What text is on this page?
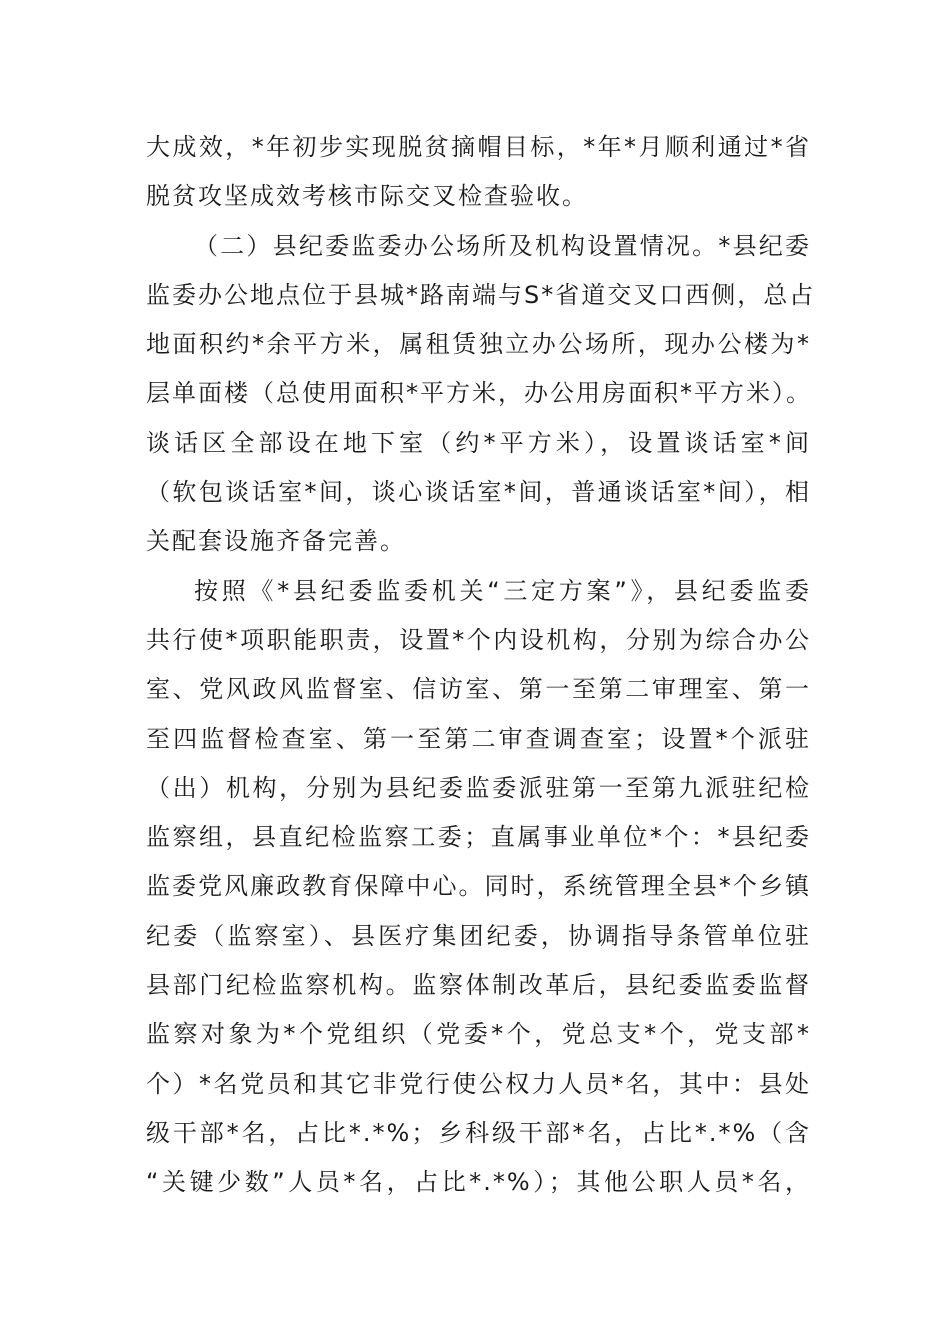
大成效，*年初步实现脱贫摘帽目标，*年*月顺利通过*省
脱贫攻坚成效考核市际交叉检查验收。
（二）县纪委监委办公场所及机构设置情况。*县纪委
监委办公地点位于县城*路南端与S*省道交叉口西侧，总占
地面积约*余平方米，属租赁独立办公场所，现办公楼为*
层单面楼（总使用面积*平方米，办公用房面积*平方米）。
谈话区全部设在地下室（约*平方米），设置谈话室*间
（软包谈话室*间，谈心谈话室*间，普通谈话室*间），相
关配套设施齐备完善。
按照《*县纪委监委机关“三定方案”》，县纪委监委
共行使*项职能职责，设置*个内设机构，分别为综合办公
室、党风政风监督室、信访室、第一至第二审理室、第一
至四监督检查室、第一至第二审查调查室；设置*个派驻
（出）机构，分别为县纪委监委派驻第一至第九派驻纪检
监察组，县直纪检监察工委；直属事业单位*个：*县纪委
监委党风廉政教育保障中心。同时，系统管理全县*个乡镇
纪委（监察室）、县医疗集团纪委，协调指导条管单位驻
县部门纪检监察机构。监察体制改革后，县纪委监委监督
监察对象为*个党组织（党委*个，党总支*个，党支部*
个）*名党员和其它非党行使公权力人员*名，其中：县处
级干部*名，占比*.*%；乡科级干部*名，占比*.*%（含
“关键少数”人员*名，占比*.*%）；其他公职人员*名，
